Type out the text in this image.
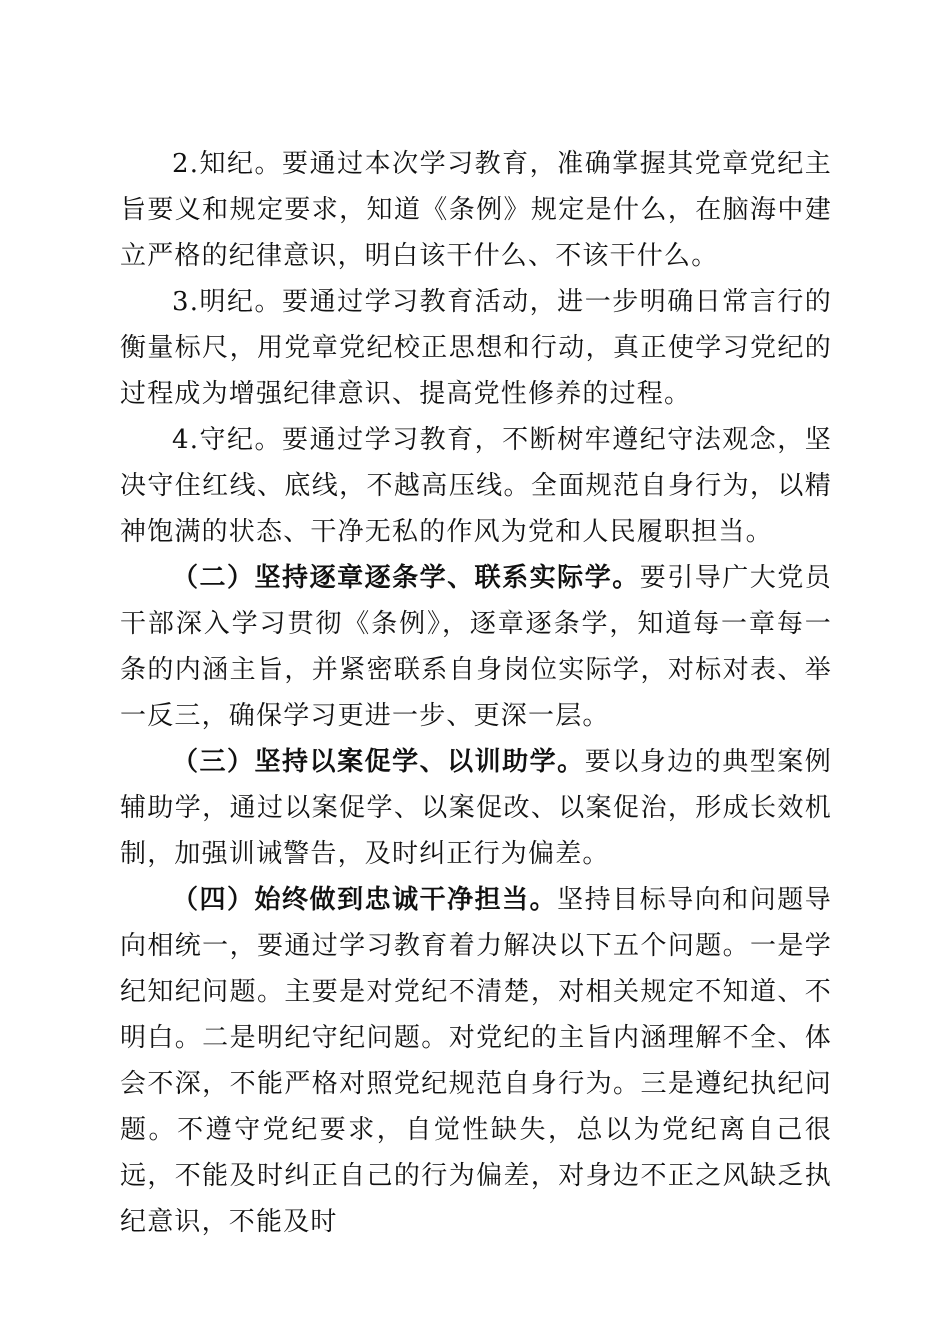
2.知纪。要通过本次学习教育，准确掌握其党章党纪主旨要义和规定要求，知道《条例》规定是什么，在脑海中建立严格的纪律意识，明白该干什么、不该干什么。

3.明纪。要通过学习教育活动，进一步明确日常言行的衡量标尺，用党章党纪校正思想和行动，真正使学习党纪的过程成为增强纪律意识、提高党性修养的过程。

4.守纪。要通过学习教育，不断树牢遵纪守法观念，坚决守住红线、底线，不越高压线。全面规范自身行为，以精神饱满的状态、干净无私的作风为党和人民履职担当。

（二）坚持逐章逐条学、联系实际学。要引导广大党员干部深入学习贯彻《条例》，逐章逐条学，知道每一章每一条的内涵主旨，并紧密联系自身岗位实际学，对标对表、举一反三，确保学习更进一步、更深一层。

（三）坚持以案促学、以训助学。要以身边的典型案例辅助学，通过以案促学、以案促改、以案促治，形成长效机制，加强训诫警告，及时纠正行为偏差。

（四）始终做到忠诚干净担当。坚持目标导向和问题导向相统一，要通过学习教育着力解决以下五个问题。一是学纪知纪问题。主要是对党纪不清楚，对相关规定不知道、不明白。二是明纪守纪问题。对党纪的主旨内涵理解不全、体会不深，不能严格对照党纪规范自身行为。三是遵纪执纪问题。不遵守党纪要求，自觉性缺失，总以为党纪离自己很远，不能及时纠正自己的行为偏差，对身边不正之风缺乏执纪意识，不能及时
